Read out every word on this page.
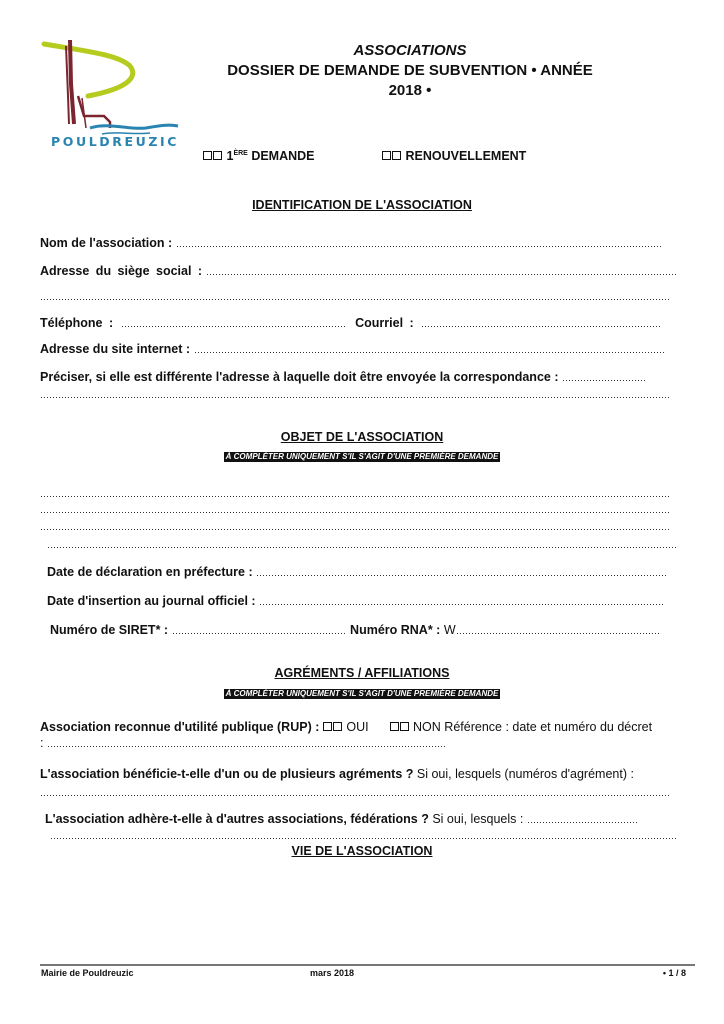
POULDREUZIC
ASSOCIATIONS
DOSSIER DE DEMANDE DE SUBVENTION • ANNÉE
2018 •
1ÈRE DEMANDE	RENOUVELLEMENT
IDENTIFICATION DE L'ASSOCIATION
Nom de l'association :
Adresse du siège social :
Téléphone :	Courriel :
Adresse du site internet :
Préciser, si elle est différente l'adresse à laquelle doit être envoyée la correspondance :
OBJET DE L'ASSOCIATION
À COMPLÉTER UNIQUEMENT S'IL S'AGIT D'UNE PREMIÈRE DEMANDE
Date de déclaration en préfecture :
Date d'insertion au journal officiel :
Numéro de SIRET* :	Numéro RNA* : W
AGRÉMENTS / AFFILIATIONS
À COMPLÉTER UNIQUEMENT S'IL S'AGIT D'UNE PREMIÈRE DEMANDE
Association reconnue d'utilité publique (RUP) : OUI	NON Référence : date et numéro du décret
:
L'association bénéficie-t-elle d'un ou de plusieurs agréments ? Si oui, lesquels (numéros d'agrément) :
L'association adhère-t-elle à d'autres associations, fédérations ? Si oui, lesquels :
VIE DE L'ASSOCIATION
Mairie de Pouldreuzic	mars 2018	• 1 / 8
